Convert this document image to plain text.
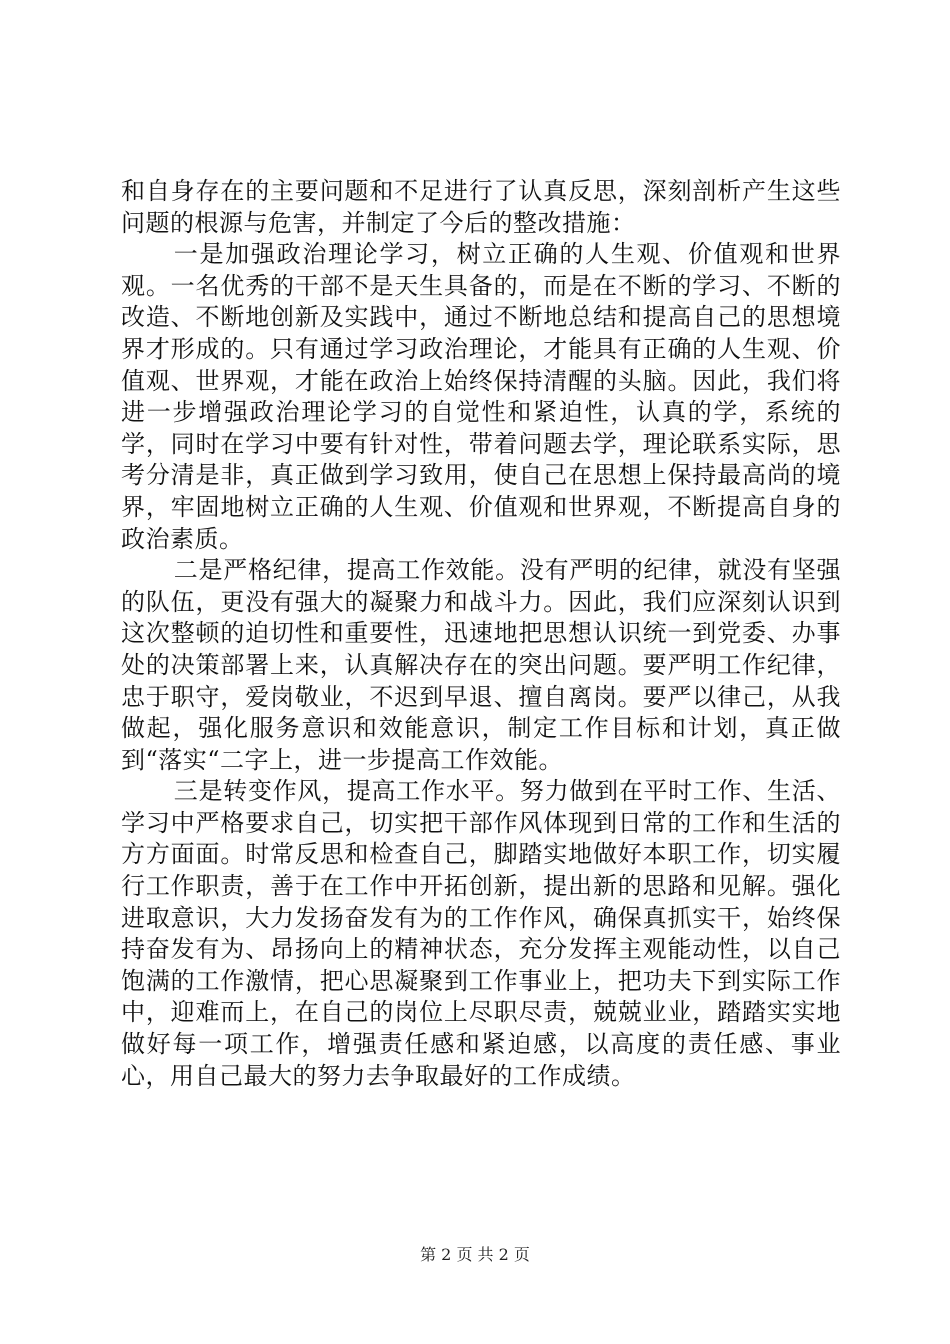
和自身存在的主要问题和不足进行了认真反思，深刻剖析产生这些问题的根源与危害，并制定了今后的整改措施：

一是加强政治理论学习，树立正确的人生观、价值观和世界观。一名优秀的干部不是天生具备的，而是在不断的学习、不断的改造、不断地创新及实践中，通过不断地总结和提高自己的思想境界才形成的。只有通过学习政治理论，才能具有正确的人生观、价值观、世界观，才能在政治上始终保持清醒的头脑。因此，我们将进一步增强政治理论学习的自觉性和紧迫性，认真的学，系统的学，同时在学习中要有针对性，带着问题去学，理论联系实际，思考分清是非，真正做到学习致用，使自己在思想上保持最高尚的境界，牢固地树立正确的人生观、价值观和世界观，不断提高自身的政治素质。

二是严格纪律，提高工作效能。没有严明的纪律，就没有坚强的队伍，更没有强大的凝聚力和战斗力。因此，我们应深刻认识到这次整顿的迫切性和重要性，迅速地把思想认识统一到党委、办事处的决策部署上来，认真解决存在的突出问题。要严明工作纪律，忠于职守，爱岗敬业，不迟到早退、擅自离岗。要严以律己，从我做起，强化服务意识和效能意识，制定工作目标和计划，真正做到“落实“二字上，进一步提高工作效能。

三是转变作风，提高工作水平。努力做到在平时工作、生活、学习中严格要求自己，切实把干部作风体现到日常的工作和生活的方方面面。时常反思和检查自己，脚踏实地做好本职工作，切实履行工作职责，善于在工作中开拓创新，提出新的思路和见解。强化进取意识，大力发扬奋发有为的工作作风，确保真抓实干，始终保持奋发有为、昂扬向上的精神状态，充分发挥主观能动性，以自己饱满的工作激情，把心思凝聚到工作事业上，把功夫下到实际工作中，迎难而上，在自己的岗位上尽职尽责，兢兢业业，踏踏实实地做好每一项工作，增强责任感和紧迫感，以高度的责任感、事业心，用自己最大的努力去争取最好的工作成绩。

第 2 页 共 2 页
